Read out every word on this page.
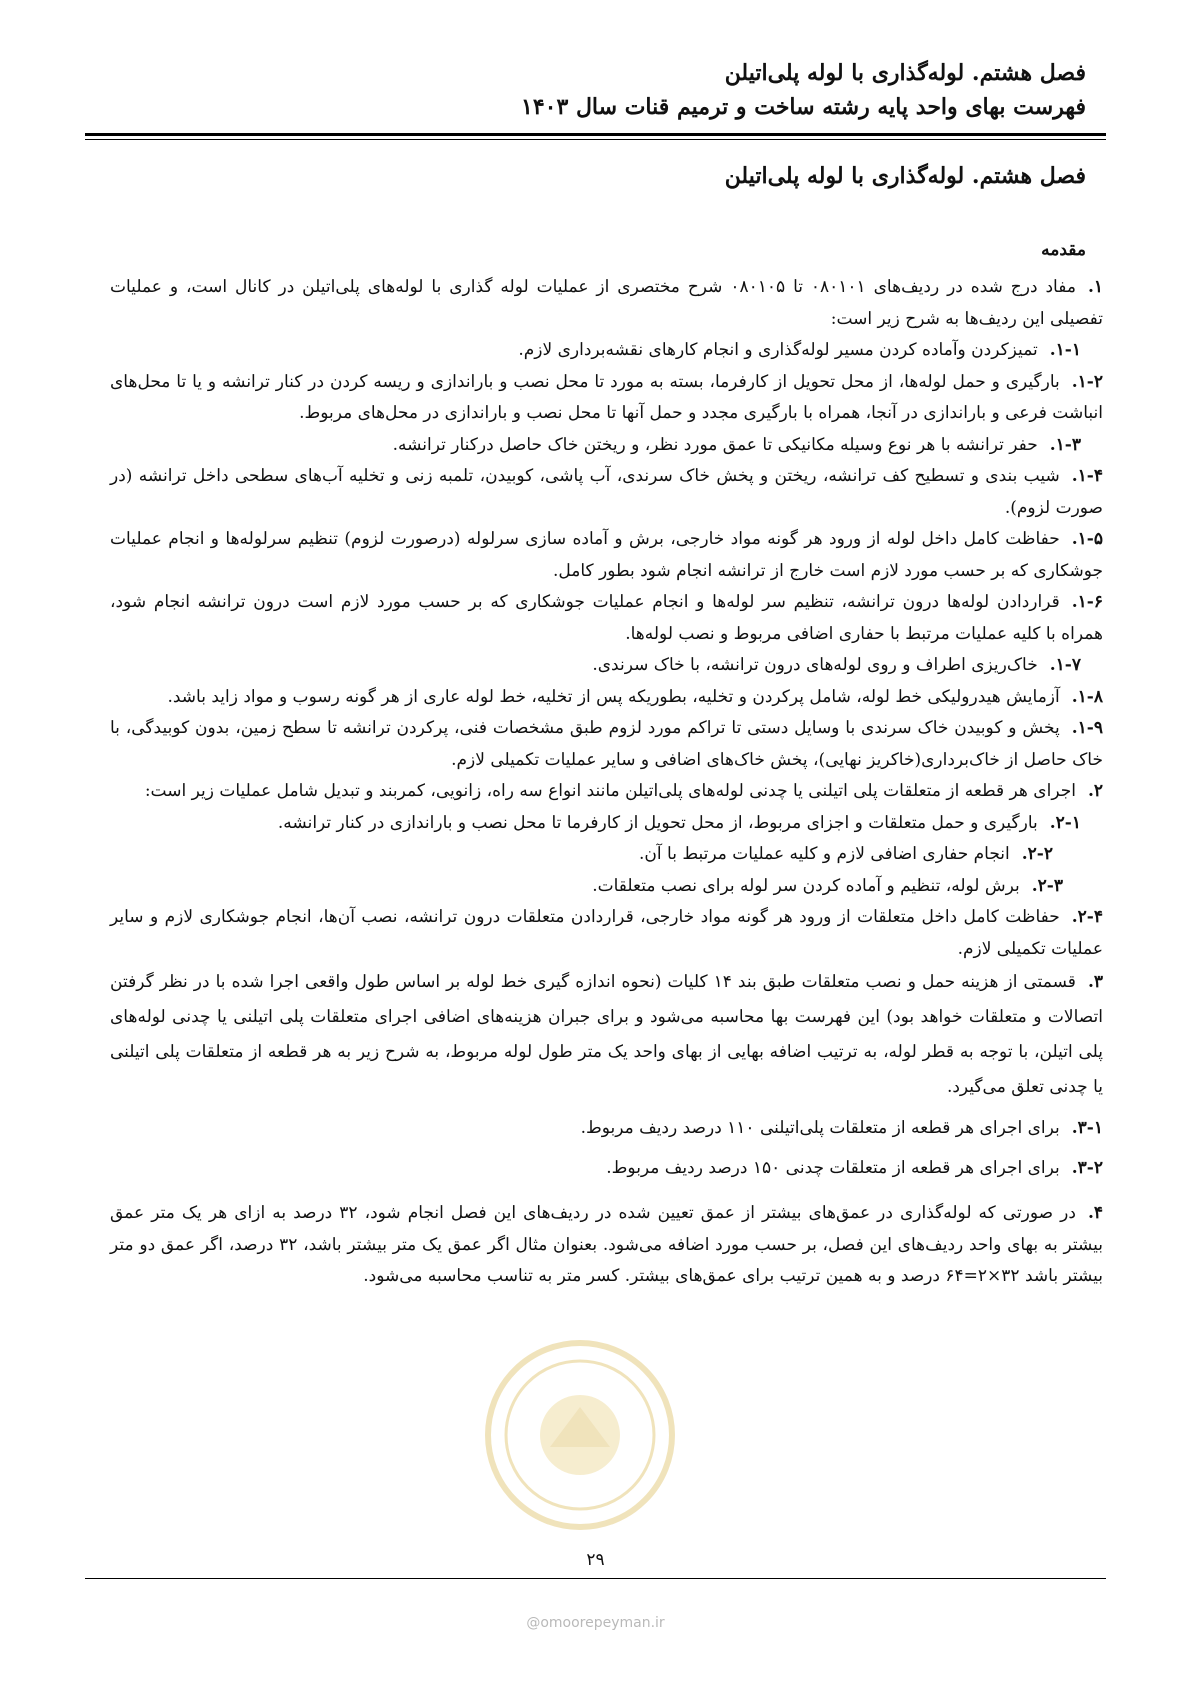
فصل هشتم. لوله‌گذاری با لوله پلی‌اتیلن
فهرست بهای واحد پایه رشته ساخت و ترمیم قنات سال ۱۴۰۳
فصل هشتم. لوله‌گذاری با لوله پلی‌اتیلن
مقدمه

۱.مفاد درج شده در ردیف‌های ۰۸۰۱۰۱ تا ۰۸۰۱۰۵ شرح مختصری از عملیات لوله گذاری با لوله‌های پلی‌اتیلن در کانال است، و عملیات تفصیلی این ردیف‌ها به شرح زیر است:

۱-۱.تمیزکردن وآماده کردن مسیر لوله‌گذاری و انجام کارهای نقشه‌برداری لازم.

۱-۲.بارگیری و حمل لوله‌ها، از محل تحویل از کارفرما، بسته به مورد تا محل نصب و باراندازی و ریسه کردن در کنار ترانشه و یا تا محل‌های انباشت فرعی و باراندازی در آنجا، همراه با بارگیری مجدد و حمل آنها تا محل نصب و باراندازی در محل‌های مربوط.

۱-۳.حفر ترانشه با هر نوع وسیله مکانیکی تا عمق مورد نظر، و ریختن خاک حاصل درکنار ترانشه.

۱-۴.شیب بندی و تسطیح کف ترانشه، ریختن و پخش خاک سرندی، آب پاشی، کوبیدن، تلمبه زنی و تخلیه آب‌های سطحی داخل ترانشه (در صورت لزوم).

۱-۵.حفاظت کامل داخل لوله از ورود هر گونه مواد خارجی، برش و آماده سازی سرلوله (درصورت لزوم) تنظیم سرلوله‌ها و انجام عملیات جوشکاری که بر حسب مورد لازم است خارج از ترانشه انجام شود بطور کامل.

۱-۶.قراردادن لوله‌ها درون ترانشه، تنظیم سر لوله‌ها و انجام عملیات جوشکاری که بر حسب مورد لازم است درون ترانشه انجام شود، همراه با کلیه عملیات مرتبط با حفاری اضافی مربوط و نصب لوله‌ها.

۱-۷.خاک‌ریزی اطراف و روی لوله‌های درون ترانشه، با خاک سرندی.

۱-۸.آزمایش هیدرولیکی خط لوله، شامل پرکردن و تخلیه، بطوریکه پس از تخلیه، خط لوله عاری از هر گونه رسوب و مواد زاید باشد.

۱-۹.پخش و کوبیدن خاک سرندی با وسایل دستی تا تراکم مورد لزوم طبق مشخصات فنی، پرکردن ترانشه تا سطح زمین، بدون کوبیدگی، با خاک حاصل از خاک‌برداری(خاکریز نهایی)، پخش خاک‌های اضافی و سایر عملیات تکمیلی لازم.

۲.اجرای هر قطعه از متعلقات پلی اتیلنی یا چدنی لوله‌های پلی‌اتیلن مانند انواع سه راه، زانویی، کمربند و تبدیل شامل عملیات زیر است:

۲-۱.بارگیری و حمل متعلقات و اجزای مربوط، از محل تحویل از کارفرما تا محل نصب و باراندازی در کنار ترانشه.

۲-۲.انجام حفاری اضافی لازم و کلیه عملیات مرتبط با آن.

۲-۳.برش لوله، تنظیم و آماده کردن سر لوله برای نصب متعلقات.

۲-۴.حفاظت کامل داخل متعلقات از ورود هر گونه مواد خارجی، قراردادن متعلقات درون ترانشه، نصب آن‌ها، انجام جوشکاری لازم و سایر عملیات تکمیلی لازم.

۳.قسمتی از هزینه حمل و نصب متعلقات طبق بند ۱۴ کلیات (نحوه اندازه گیری خط لوله بر اساس طول واقعی اجرا شده با در نظر گرفتن اتصالات و متعلقات خواهد بود) این فهرست بها محاسبه می‌شود و برای جبران هزینه‌های اضافی اجرای متعلقات پلی اتیلنی یا چدنی لوله‌های پلی اتیلن، با توجه به قطر لوله، به ترتیب اضافه بهایی از بهای واحد یک متر طول لوله مربوط، به شرح زیر به هر قطعه از متعلقات پلی اتیلنی یا چدنی تعلق می‌گیرد.

۳-۱.برای اجرای هر قطعه از متعلقات پلی‌اتیلنی ۱۱۰ درصد ردیف مربوط.

۳-۲.برای اجرای هر قطعه از متعلقات چدنی ۱۵۰ درصد ردیف مربوط.

۴.در صورتی که لوله‌گذاری در عمق‌های بیشتر از عمق تعیین شده در ردیف‌های این فصل انجام شود، ۳۲ درصد به ازای هر یک متر عمق بیشتر به بهای واحد ردیف‌های این فصل، بر حسب مورد اضافه می‌شود. بعنوان مثال اگر عمق یک متر بیشتر باشد، ۳۲ درصد، اگر عمق دو متر بیشتر باشد ۳۲×۲=۶۴ درصد و به همین ترتیب برای عمق‌های بیشتر. کسر متر به تناسب محاسبه می‌شود.

۲۹
@omoorepeyman.ir
